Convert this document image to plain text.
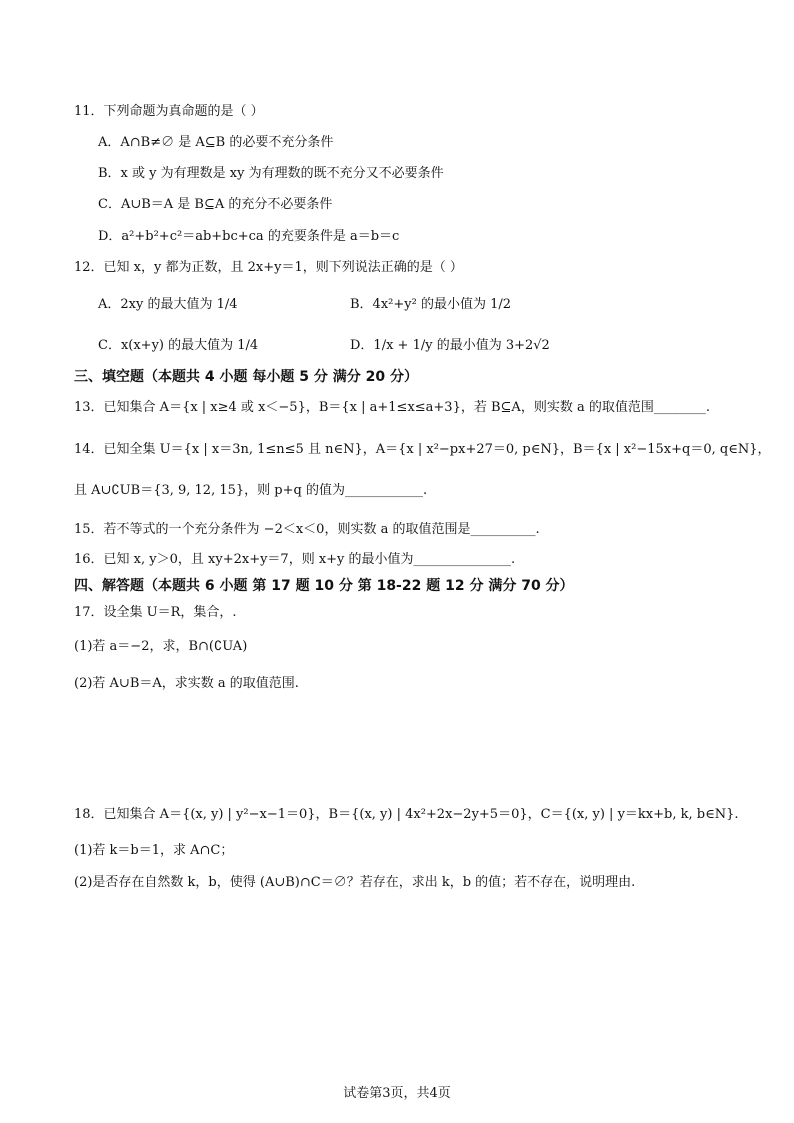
11．下列命题为真命题的是（ ）
A．A∩B≠∅ 是 A⊆B 的必要不充分条件
B．x 或 y 为有理数是 xy 为有理数的既不充分又不必要条件
C．A∪B＝A 是 B⊆A 的充分不必要条件
D．a²+b²+c²＝ab+bc+ca 的充要条件是 a＝b＝c
12．已知 x，y 都为正数，且 2x+y＝1，则下列说法正确的是（ ）
A．2xy 的最大值为 1/4	B．4x²+y² 的最小值为 1/2
C．x(x+y) 的最大值为 1/4	D．1/x + 1/y 的最小值为 3+2√2
三、填空题（本题共 4 小题 每小题 5 分 满分 20 分）
13．已知集合 A＝{x | x≥4 或 x＜−5}，B＝{x | a+1≤x≤a+3}，若 B⊆A，则实数 a 的取值范围________.
14．已知全集 U＝{x | x＝3n, 1≤n≤5 且 n∈N}，A＝{x | x²−px+27＝0, p∈N}，B＝{x | x²−15x+q＝0, q∈N}，
且 A∪∁UB＝{3, 9, 12, 15}，则 p+q 的值为____________.
15．若不等式的一个充分条件为 −2＜x＜0，则实数 a 的取值范围是__________.
16．已知 x, y＞0，且 xy+2x+y＝7，则 x+y 的最小值为_______________.
四、解答题（本题共 6 小题 第 17 题 10 分 第 18-22 题 12 分 满分 70 分）
17．设全集 U＝R，集合，.
(1)若 a＝−2，求，B∩(∁UA)
(2)若 A∪B＝A，求实数 a 的取值范围.
18．已知集合 A＝{(x, y) | y²−x−1＝0}，B＝{(x, y) | 4x²+2x−2y+5＝0}，C＝{(x, y) | y＝kx+b, k, b∈N}.
(1)若 k＝b＝1，求 A∩C；
(2)是否存在自然数 k，b，使得 (A∪B)∩C＝∅？若存在，求出 k，b 的值；若不存在，说明理由.
试卷第3页，共4页
